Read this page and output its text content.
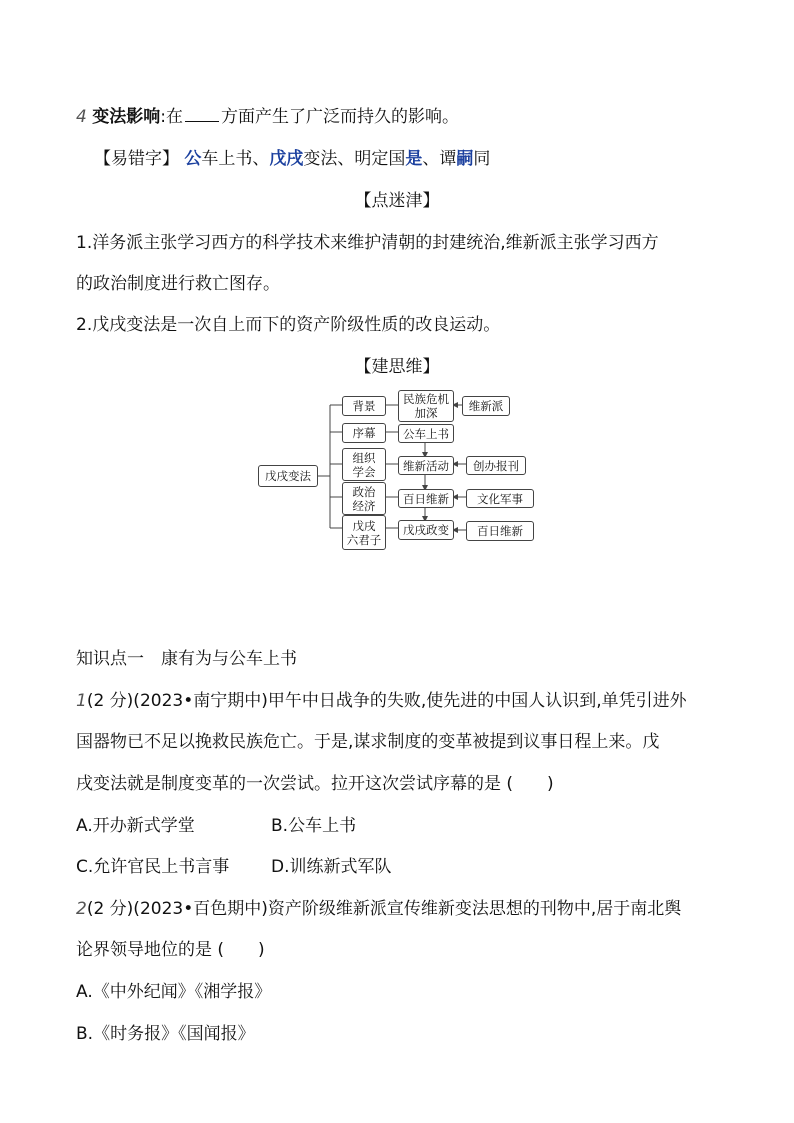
4 变法影响:在 方面产生了广泛而持久的影响。
【易错字】 公车上书、戊戌变法、明定国是、谭嗣同
【点迷津】
1.洋务派主张学习西方的科学技术来维护清朝的封建统治,维新派主张学习西方
的政治制度进行救亡图存。
2.戊戌变法是一次自上而下的资产阶级性质的改良运动。
【建思维】
戊戌变法
背景
序幕
组织
学会
政治
经济
戊戌
六君子
民族危机
加深
公车上书
维新活动
百日维新
戊戌政变
维新派
创办报刊
文化军事
百日维新
知识点一　康有为与公车上书
1(2 分)(2023•南宁期中)甲午中日战争的失败,使先进的中国人认识到,单凭引进外
国器物已不足以挽救民族危亡。于是,谋求制度的变革被提到议事日程上来。戊
戌变法就是制度变革的一次尝试。拉开这次尝试序幕的是 (　　)
A.开办新式学堂	B.公车上书
C.允许官民上书言事 D.训练新式军队
2(2 分)(2023•百色期中)资产阶级维新派宣传维新变法思想的刊物中,居于南北舆
论界领导地位的是 (　　)
A.《中外纪闻》《湘学报》
B.《时务报》《国闻报》
